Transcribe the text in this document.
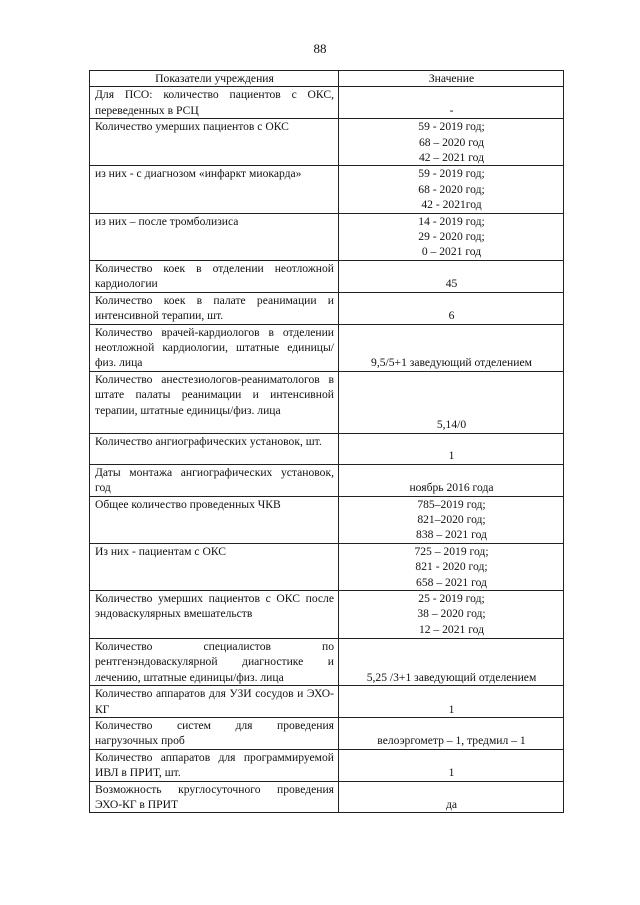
88
Показатели учреждения	Значение
Для ПСО: количество пациентов с ОКС, переведенных в РСЦ	-
Количество умерших пациентов с ОКС	59 - 2019 год;
68 – 2020 год
42 – 2021 год

из них - с диагнозом «инфаркт миокарда»	59 - 2019 год;
68 - 2020 год;
42 - 2021год

из них – после тромболизиса	14 - 2019 год;
29 - 2020 год;
0 – 2021 год

Количество коек в отделении неотложной кардиологии	45
Количество коек в палате реанимации и интенсивной терапии, шт.	6
Количество врачей-кардиологов в отделении неотложной кардиологии, штатные единицы/физ. лица	9,5/5+1 заведующий отделением
Количество анестезиологов-реаниматологов в штате палаты реанимации и интенсивной терапии, штатные единицы/физ. лица	5,14/0
Количество ангиографических установок, шт.	1
Даты монтажа ангиографических установок, год	ноябрь 2016 года
Общее количество проведенных ЧКВ	785–2019 год;
821–2020 год;
838 – 2021 год

Из них - пациентам с ОКС	725 – 2019 год;
821 - 2020 год;
658 – 2021 год

Количество умерших пациентов с ОКС после эндоваскулярных вмешательств	25 - 2019 год;
38 – 2020 год;
12 – 2021 год

Количество специалистов по рентгенэндоваскулярной диагностике и лечению, штатные единицы/физ. лица	5,25 /3+1 заведующий отделением
Количество аппаратов для УЗИ сосудов и ЭХО-КГ	1
Количество систем для проведения нагрузочных проб	велоэргометр – 1, тредмил – 1
Количество аппаратов для программируемой ИВЛ в ПРИТ, шт.	1
Возможность круглосуточного проведения ЭХО-КГ в ПРИТ	да
